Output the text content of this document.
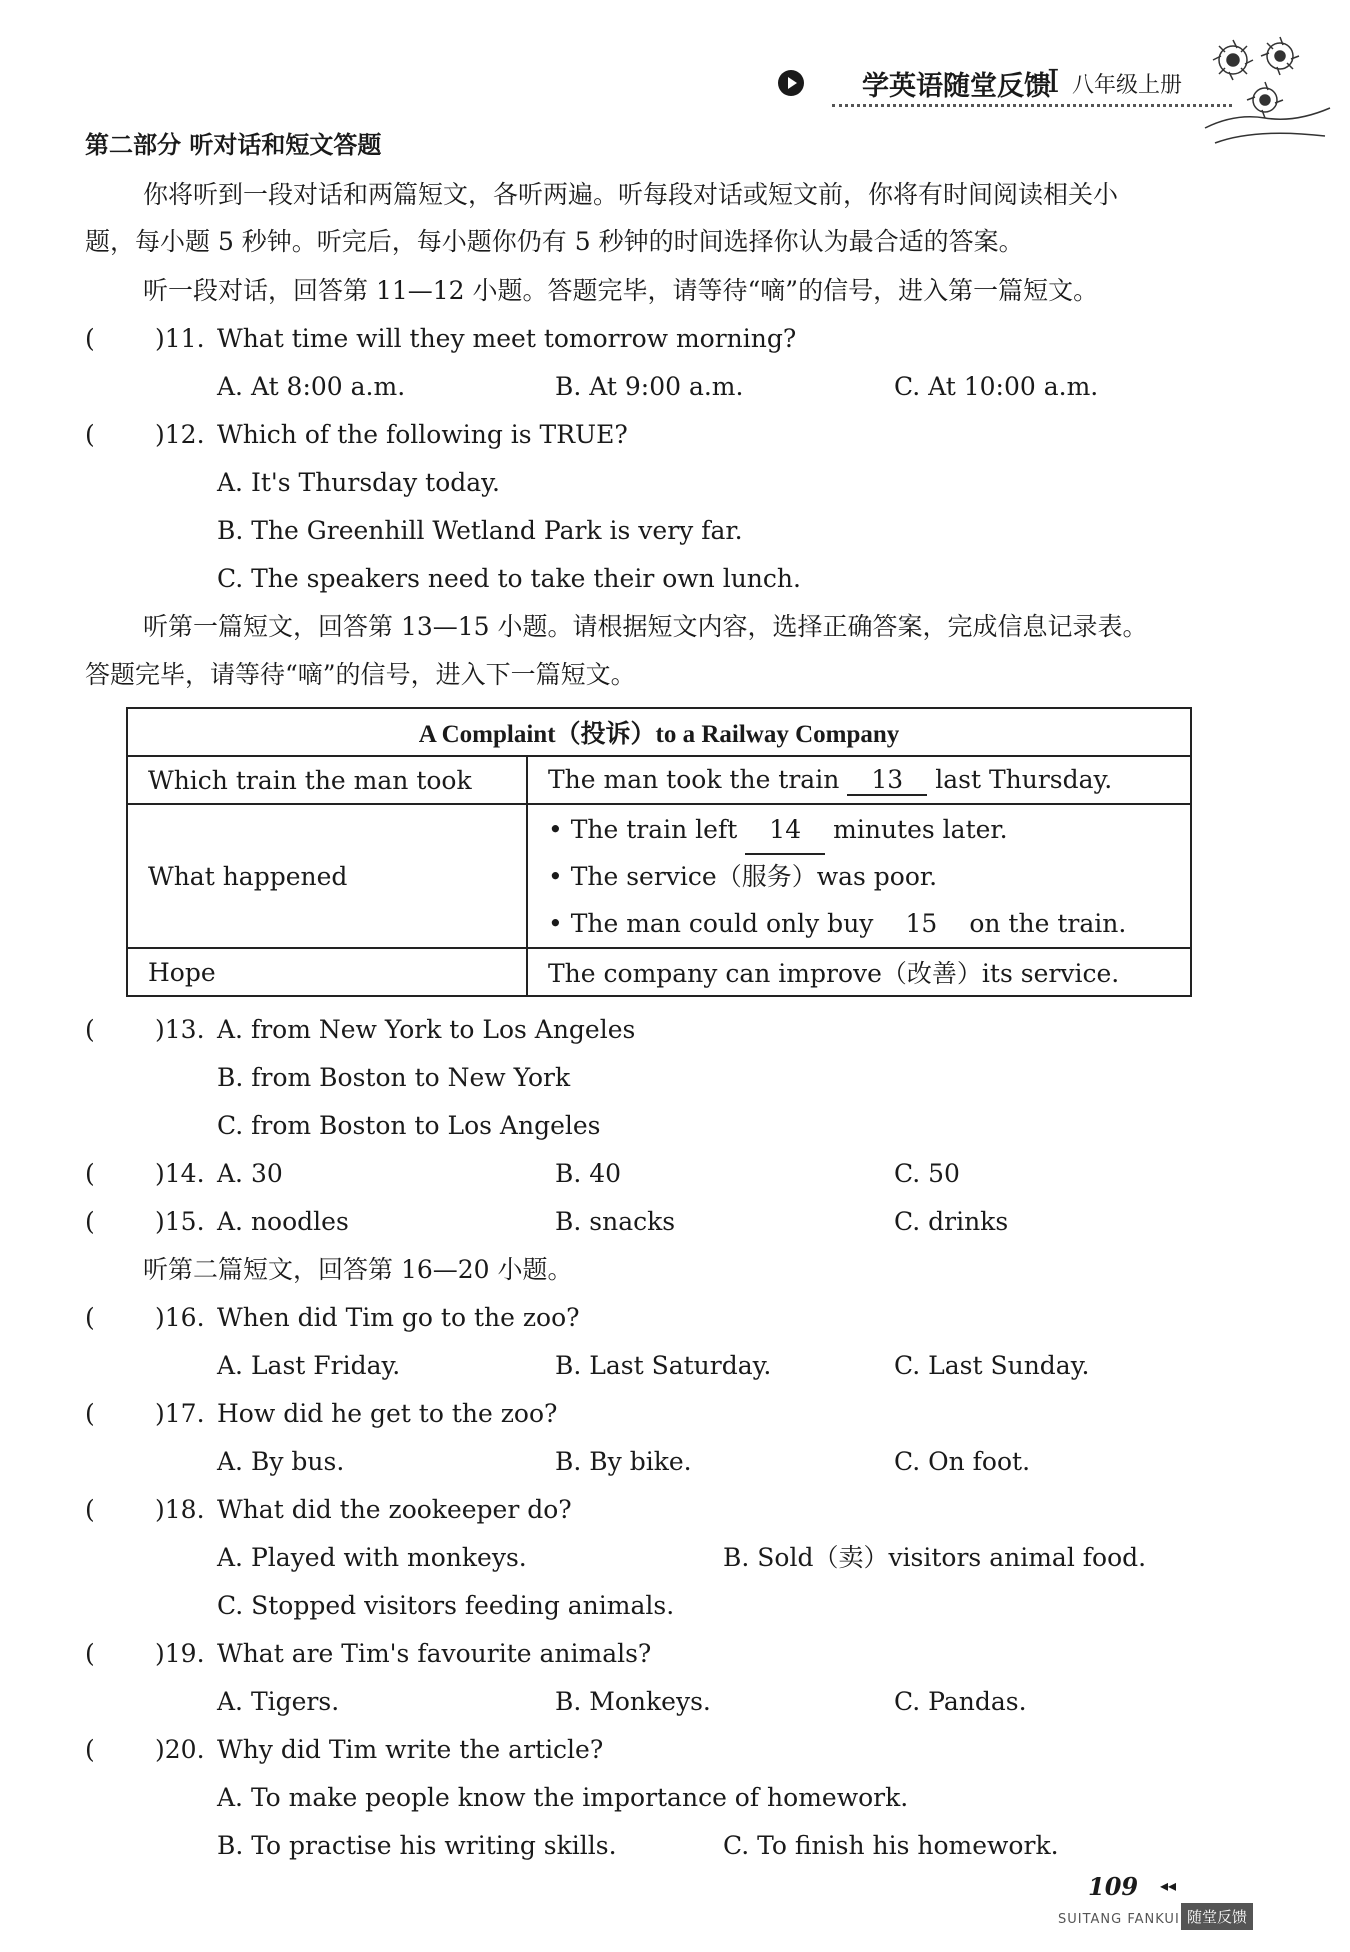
学英语随堂反馈
I 八年级上册
第二部分 听对话和短文答题
你将听到一段对话和两篇短文，各听两遍。听每段对话或短文前，你将有时间阅读相关小
题，每小题 5 秒钟。听完后，每小题你仍有 5 秒钟的时间选择你认为最合适的答案。
听一段对话，回答第 11—12 小题。答题完毕，请等待“嘀”的信号，进入第一篇短文。
( )11. What time will they meet tomorrow morning?
A. At 8:00 a.m.	B. At 9:00 a.m.	C. At 10:00 a.m.
( )12. Which of the following is TRUE?
A. It's Thursday today.
B. The Greenhill Wetland Park is very far.
C. The speakers need to take their own lunch.
听第一篇短文，回答第 13—15 小题。请根据短文内容，选择正确答案，完成信息记录表。
答题完毕，请等待“嘀”的信号，进入下一篇短文。
A Complaint（投诉）to a Railway Company	
Which train the man took	The man took the train 13 last Thursday.
What happened	• The train left 14 minutes later.
• The service（服务）was poor.
• The man could only buy 15 on the train.

Hope	The company can improve（改善）its service.
( )13. A. from New York to Los Angeles
B. from Boston to New York
C. from Boston to Los Angeles
( )14. A. 30	B. 40	C. 50
( )15. A. noodles	B. snacks	C. drinks
听第二篇短文，回答第 16—20 小题。
( )16. When did Tim go to the zoo?
A. Last Friday.	B. Last Saturday.	C. Last Sunday.
( )17. How did he get to the zoo?
A. By bus.	B. By bike.	C. On foot.
( )18. What did the zookeeper do?
A. Played with monkeys.	B. Sold（卖）visitors animal food.
C. Stopped visitors feeding animals.
( )19. What are Tim's favourite animals?
A. Tigers.	B. Monkeys.	C. Pandas.
( )20. Why did Tim write the article?
A. To make people know the importance of homework.
B. To practise his writing skills.	C. To finish his homework.
109 ◂◂
SUITANG FANKUI 随堂反馈
